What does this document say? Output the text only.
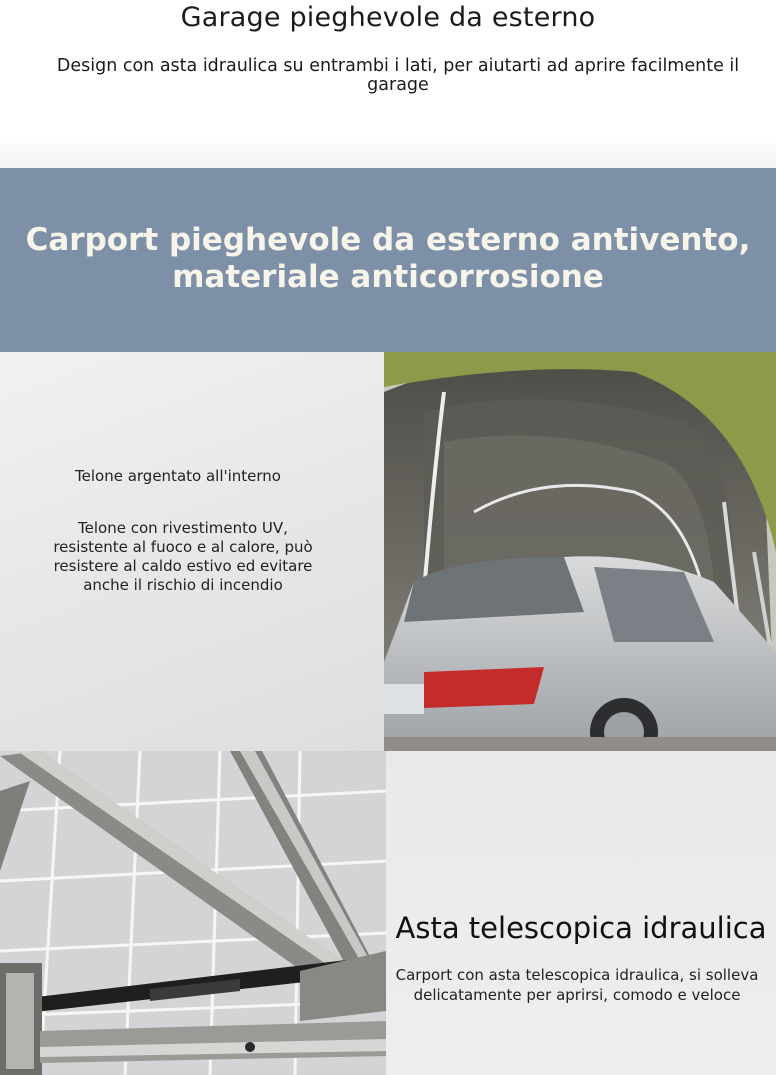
Garage pieghevole da esterno

Design con asta idraulica su entrambi i lati, per aiutarti ad aprire facilmente il garage

Carport pieghevole da esterno antivento,
materiale anticorrosione
Telone argentato all'interno
Telone con rivestimento UV, resistente al fuoco e al calore, può resistere al caldo estivo ed evitare anche il rischio di incendio
Asta telescopica idraulica
Carport con asta telescopica idraulica, si solleva
delicatamente per aprirsi, comodo e veloce
